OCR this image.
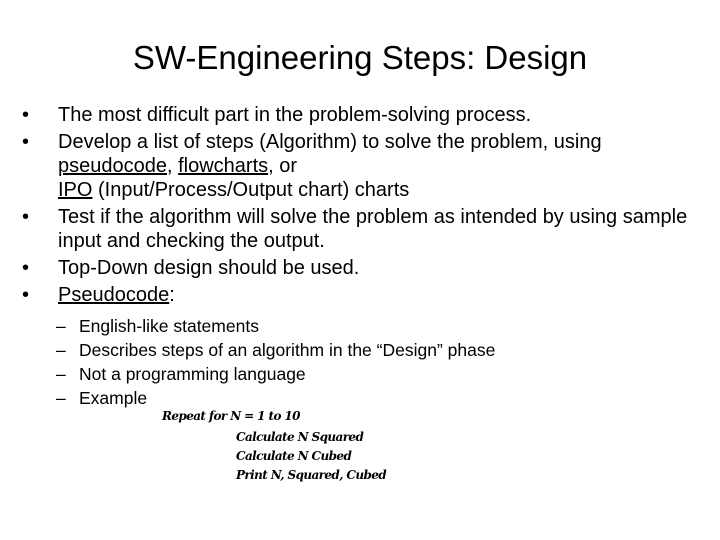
SW-Engineering Steps: Design
• The most difficult part in the problem-solving process.
• Develop a list of steps (Algorithm) to solve the problem, using pseudocode, flowcharts, or
IPO (Input/Process/Output chart) charts
• Test if the algorithm will solve the problem as intended by using sample input and checking the output.
• Top-Down design should be used.
• Pseudocode:
– English-like statements
– Describes steps of an algorithm in the “Design” phase
– Not a programming language
– Example
Repeat for N = 1 to 10
Calculate N Squared
Calculate N Cubed
Print N, Squared, Cubed
